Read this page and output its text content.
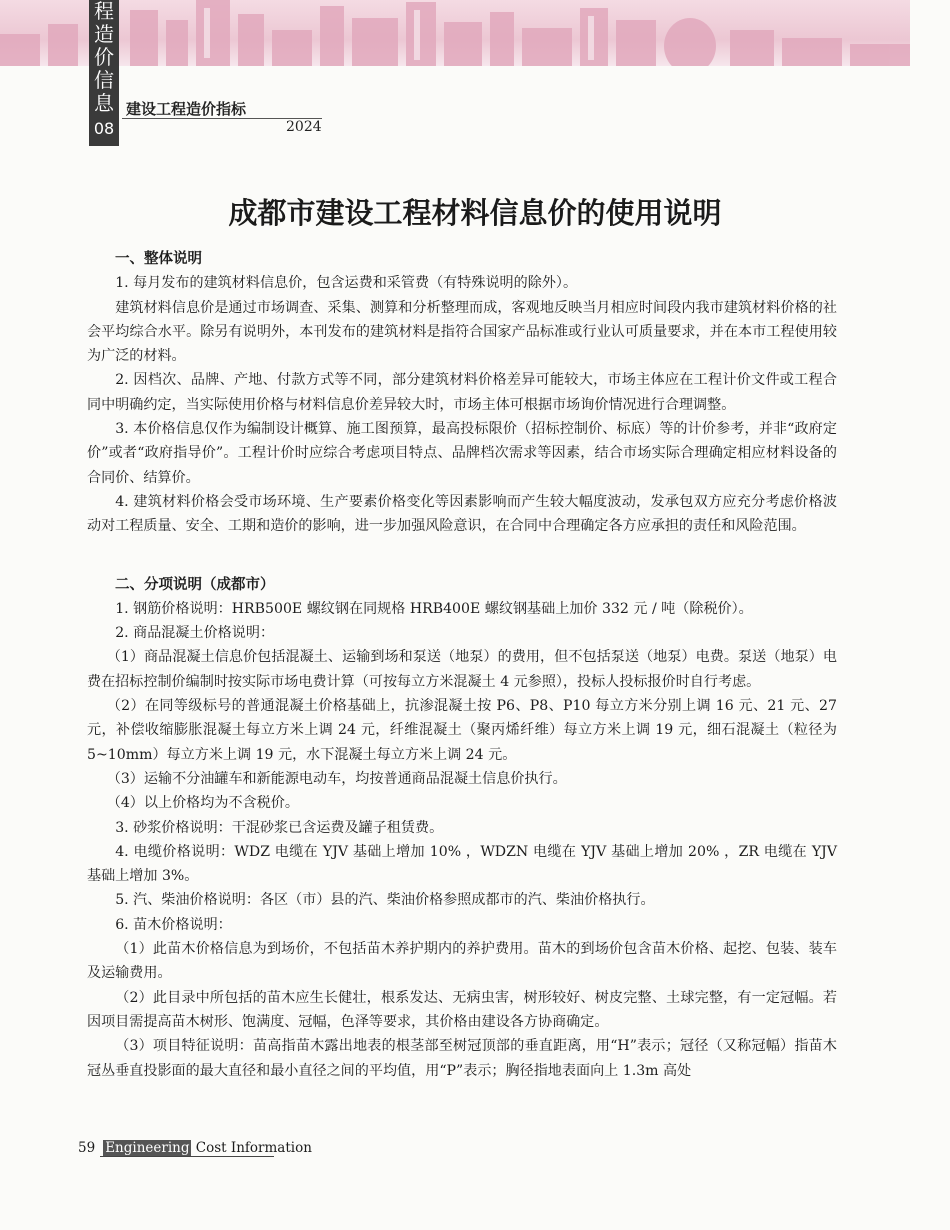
程造价信息
08
建设工程造价指标
2024
成都市建设工程材料信息价的使用说明
一、整体说明

1. 每月发布的建筑材料信息价，包含运费和采管费（有特殊说明的除外）。

建筑材料信息价是通过市场调查、采集、测算和分析整理而成，客观地反映当月相应时间段内我市建筑材料价格的社会平均综合水平。除另有说明外，本刊发布的建筑材料是指符合国家产品标准或行业认可质量要求，并在本市工程使用较为广泛的材料。

2. 因档次、品牌、产地、付款方式等不同，部分建筑材料价格差异可能较大，市场主体应在工程计价文件或工程合同中明确约定，当实际使用价格与材料信息价差异较大时，市场主体可根据市场询价情况进行合理调整。

3. 本价格信息仅作为编制设计概算、施工图预算，最高投标限价（招标控制价、标底）等的计价参考，并非“政府定价”或者“政府指导价”。工程计价时应综合考虑项目特点、品牌档次需求等因素，结合市场实际合理确定相应材料设备的合同价、结算价。

4. 建筑材料价格会受市场环境、生产要素价格变化等因素影响而产生较大幅度波动，发承包双方应充分考虑价格波动对工程质量、安全、工期和造价的影响，进一步加强风险意识，在合同中合理确定各方应承担的责任和风险范围。

二、分项说明（成都市）

1. 钢筋价格说明：HRB500E 螺纹钢在同规格 HRB400E 螺纹钢基础上加价 332 元 / 吨（除税价）。

2. 商品混凝土价格说明：

（1）商品混凝土信息价包括混凝土、运输到场和泵送（地泵）的费用，但不包括泵送（地泵）电费。泵送（地泵）电费在招标控制价编制时按实际市场电费计算（可按每立方米混凝土 4 元参照），投标人投标报价时自行考虑。

（2）在同等级标号的普通混凝土价格基础上，抗渗混凝土按 P6、P8、P10 每立方米分别上调 16 元、21 元、27 元，补偿收缩膨胀混凝土每立方米上调 24 元，纤维混凝土（聚丙烯纤维）每立方米上调 19 元，细石混凝土（粒径为 5~10mm）每立方米上调 19 元，水下混凝土每立方米上调 24 元。

（3）运输不分油罐车和新能源电动车，均按普通商品混凝土信息价执行。

（4）以上价格均为不含税价。

3. 砂浆价格说明：干混砂浆已含运费及罐子租赁费。

4. 电缆价格说明：WDZ 电缆在 YJV 基础上增加 10% ，WDZN 电缆在 YJV 基础上增加 20% ，ZR 电缆在 YJV 基础上增加 3%。

5. 汽、柴油价格说明：各区（市）县的汽、柴油价格参照成都市的汽、柴油价格执行。

6. 苗木价格说明：

（1）此苗木价格信息为到场价，不包括苗木养护期内的养护费用。苗木的到场价包含苗木价格、起挖、包装、装车及运输费用。

（2）此目录中所包括的苗木应生长健壮，根系发达、无病虫害，树形较好、树皮完整、土球完整，有一定冠幅。若因项目需提高苗木树形、饱满度、冠幅，色泽等要求，其价格由建设各方协商确定。

（3）项目特征说明：苗高指苗木露出地表的根茎部至树冠顶部的垂直距离，用“H”表示；冠径（又称冠幅）指苗木冠丛垂直投影面的最大直径和最小直径之间的平均值，用“P”表示；胸径指地表面向上 1.3m 高处

59 Engineering Cost Information
